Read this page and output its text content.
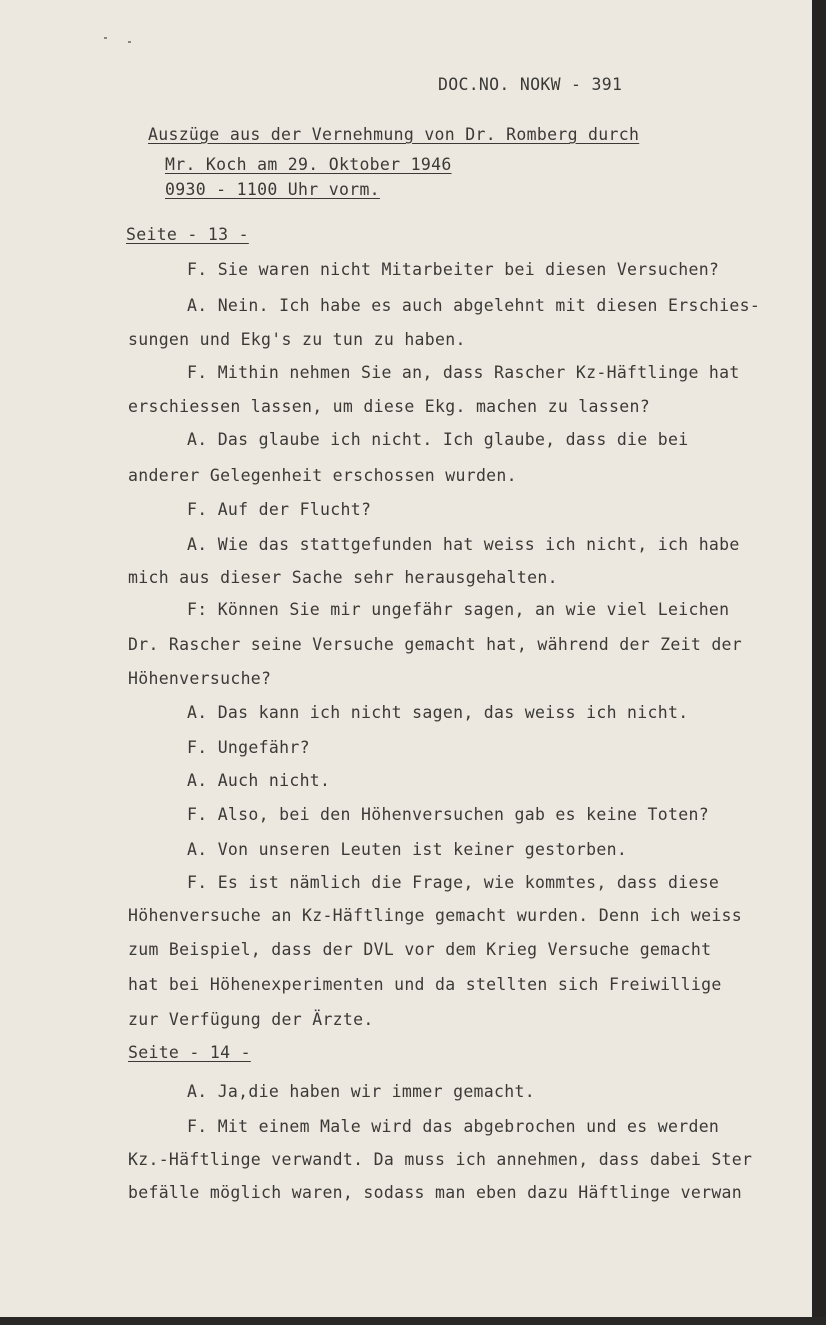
DOC.NO. NOKW - 391
Auszüge aus der Vernehmung von Dr. Romberg durch
Mr. Koch am 29. Oktober 1946
0930 - 1100 Uhr vorm.
Seite - 13 -
F. Sie waren nicht Mitarbeiter bei diesen Versuchen?
A. Nein. Ich habe es auch abgelehnt mit diesen Erschies-
sungen und Ekg's zu tun zu haben.
F. Mithin nehmen Sie an, dass Rascher Kz-Häftlinge hat
erschiessen lassen, um diese Ekg. machen zu lassen?
A. Das glaube ich nicht. Ich glaube, dass die bei
anderer Gelegenheit erschossen wurden.
F. Auf der Flucht?
A. Wie das stattgefunden hat weiss ich nicht, ich habe
mich aus dieser Sache sehr herausgehalten.
F: Können Sie mir ungefähr sagen, an wie viel Leichen
Dr. Rascher seine Versuche gemacht hat, während der Zeit der
Höhenversuche?
A. Das kann ich nicht sagen, das weiss ich nicht.
F. Ungefähr?
A. Auch nicht.
F. Also, bei den Höhenversuchen gab es keine Toten?
A. Von unseren Leuten ist keiner gestorben.
F. Es ist nämlich die Frage, wie kommtes, dass diese
Höhenversuche an Kz-Häftlinge gemacht wurden. Denn ich weiss
zum Beispiel, dass der DVL vor dem Krieg Versuche gemacht
hat bei Höhenexperimenten und da stellten sich Freiwillige
zur Verfügung der Ärzte.
Seite - 14 -
A. Ja,die haben wir immer gemacht.
F. Mit einem Male wird das abgebrochen und es werden
Kz.-Häftlinge verwandt. Da muss ich annehmen, dass dabei Ster
befälle möglich waren, sodass man eben dazu Häftlinge verwan
